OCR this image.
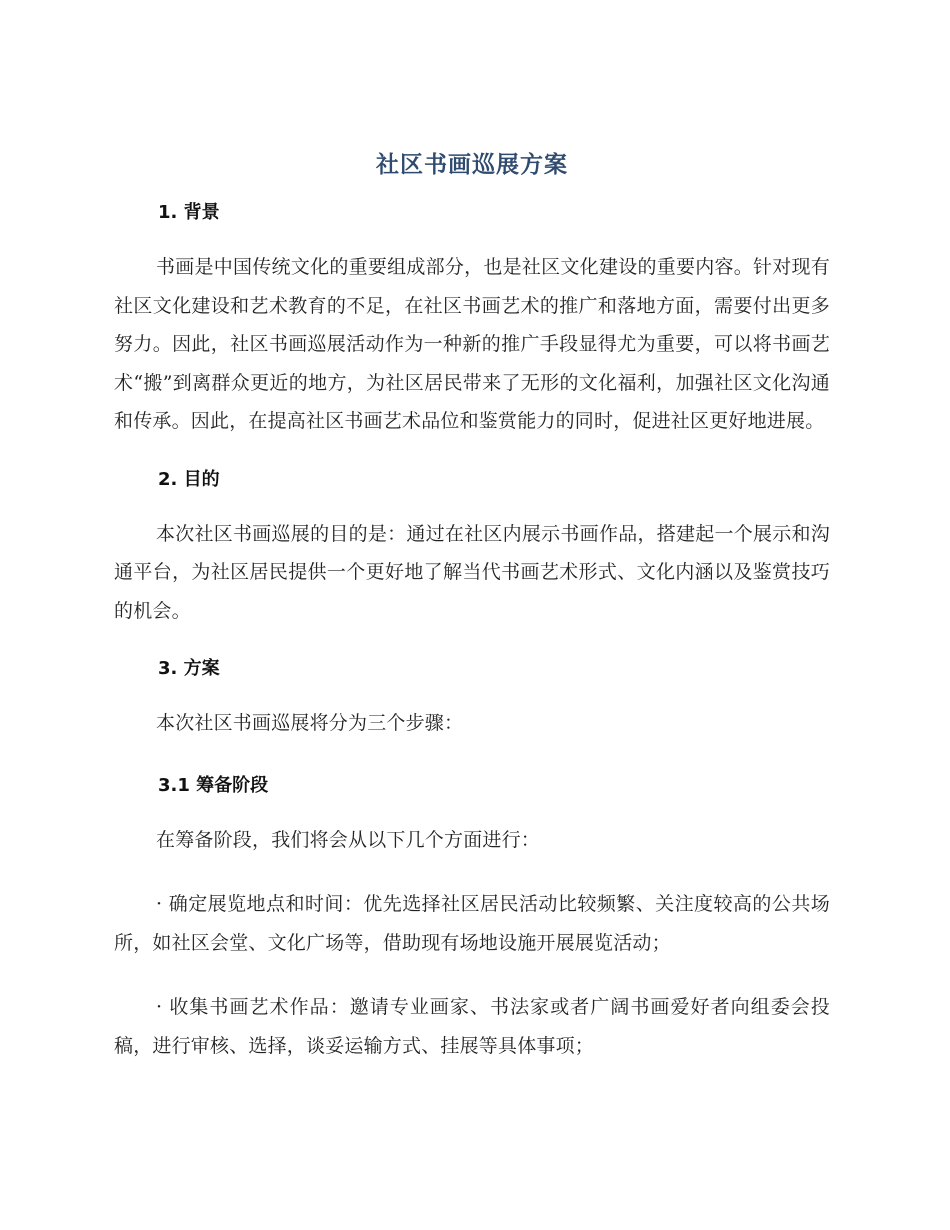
社区书画巡展方案
1. 背景

书画是中国传统文化的重要组成部分，也是社区文化建设的重要内容。针对现有社区文化建设和艺术教育的不足，在社区书画艺术的推广和落地方面，需要付出更多努力。因此，社区书画巡展活动作为一种新的推广手段显得尤为重要，可以将书画艺术“搬”到离群众更近的地方，为社区居民带来了无形的文化福利，加强社区文化沟通和传承。因此，在提高社区书画艺术品位和鉴赏能力的同时，促进社区更好地进展。

2. 目的

本次社区书画巡展的目的是：通过在社区内展示书画作品，搭建起一个展示和沟通平台，为社区居民提供一个更好地了解当代书画艺术形式、文化内涵以及鉴赏技巧的机会。

3. 方案

本次社区书画巡展将分为三个步骤：

3.1 筹备阶段

在筹备阶段，我们将会从以下几个方面进行：

· 确定展览地点和时间：优先选择社区居民活动比较频繁、关注度较高的公共场所，如社区会堂、文化广场等，借助现有场地设施开展展览活动；

· 收集书画艺术作品：邀请专业画家、书法家或者广阔书画爱好者向组委会投稿，进行审核、选择，谈妥运输方式、挂展等具体事项；
